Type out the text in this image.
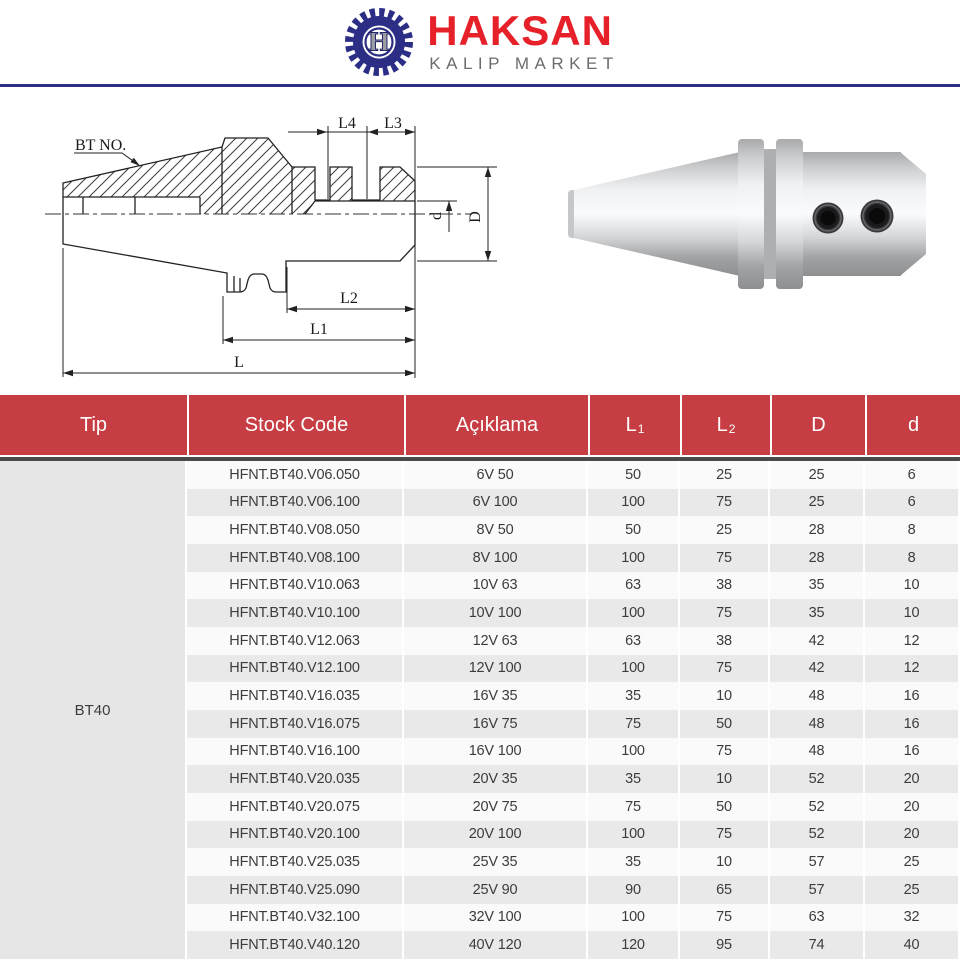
H HAKSAN
KALIP MARKET
BT NO.
L4 L3
d D
L2
L1
L
Tip	Stock Code	Açıklama	$L_1$	$L_2$	D	d
BT40
HFNT.BT40.V06.050	6V 50	50	25	25	6
HFNT.BT40.V06.100	6V 100	100	75	25	6
HFNT.BT40.V08.050	8V 50	50	25	28	8
HFNT.BT40.V08.100	8V 100	100	75	28	8
HFNT.BT40.V10.063	10V 63	63	38	35	10
HFNT.BT40.V10.100	10V 100	100	75	35	10
HFNT.BT40.V12.063	12V 63	63	38	42	12
HFNT.BT40.V12.100	12V 100	100	75	42	12
HFNT.BT40.V16.035	16V 35	35	10	48	16
HFNT.BT40.V16.075	16V 75	75	50	48	16
HFNT.BT40.V16.100	16V 100	100	75	48	16
HFNT.BT40.V20.035	20V 35	35	10	52	20
HFNT.BT40.V20.075	20V 75	75	50	52	20
HFNT.BT40.V20.100	20V 100	100	75	52	20
HFNT.BT40.V25.035	25V 35	35	10	57	25
HFNT.BT40.V25.090	25V 90	90	65	57	25
HFNT.BT40.V32.100	32V 100	100	75	63	32
HFNT.BT40.V40.120	40V 120	120	95	74	40
